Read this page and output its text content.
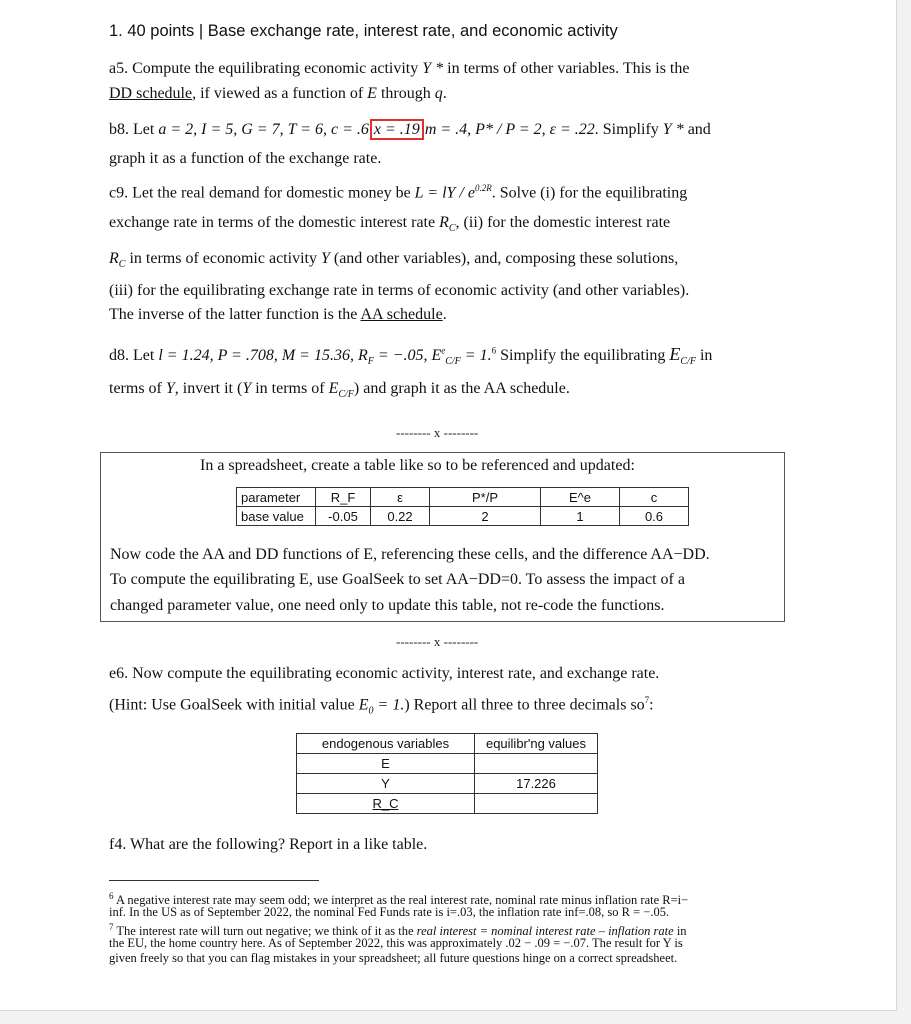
1. 40 points | Base exchange rate, interest rate, and economic activity
a5. Compute the equilibrating economic activity Y * in terms of other variables. This is the
DD schedule, if viewed as a function of E through q.
b8. Let a = 2, I = 5, G = 7, T = 6, c = .6 x = .19 m = .4, P* / P = 2, ε = .22. Simplify Y * and
graph it as a function of the exchange rate.
c9. Let the real demand for domestic money be L = lY / $e^{0.2R}$. Solve (i) for the equilibrating
exchange rate in terms of the domestic interest rate $R_C$, (ii) for the domestic interest rate
$R_C$ in terms of economic activity Y (and other variables), and, composing these solutions,
(iii) for the equilibrating exchange rate in terms of economic activity (and other variables).
The inverse of the latter function is the AA schedule.
d8. Let l = 1.24, P = .708, M = 15.36, $R_F = -.05$, $E^e_{C/F} = 1.^6$ Simplify the equilibrating $E_{C/F}$ in
terms of Y, invert it (Y in terms of $E_{C/F}$) and graph it as the AA schedule.
-------- x --------
In a spreadsheet, create a table like so to be referenced and updated:
parameter	R_F	ε	P*/P	E^e	c
base value	-0.05	0.22	2	1	0.6
Now code the AA and DD functions of E, referencing these cells, and the difference AA−DD.
To compute the equilibrating E, use GoalSeek to set AA−DD=0. To assess the impact of a
changed parameter value, one need only to update this table, not re-code the functions.
-------- x --------
e6. Now compute the equilibrating economic activity, interest rate, and exchange rate.
(Hint: Use GoalSeek with initial value $E_0 = 1$.) Report all three to three decimals $so^7$:
endogenous variables	equilibr'ng values
E	
Y	17.226
R_C	
f4. What are the following? Report in a like table.
$^6$ A negative interest rate may seem odd; we interpret as the real interest rate, nominal rate minus inflation rate R=i−
inf. In the US as of September 2022, the nominal Fed Funds rate is i=.03, the inflation rate inf=.08, so R = −.05.
$^7$ The interest rate will turn out negative; we think of it as the real interest = nominal interest rate – inflation rate in
the EU, the home country here. As of September 2022, this was approximately .02 − .09 = −.07. The result for Y is
given freely so that you can flag mistakes in your spreadsheet; all future questions hinge on a correct spreadsheet.
